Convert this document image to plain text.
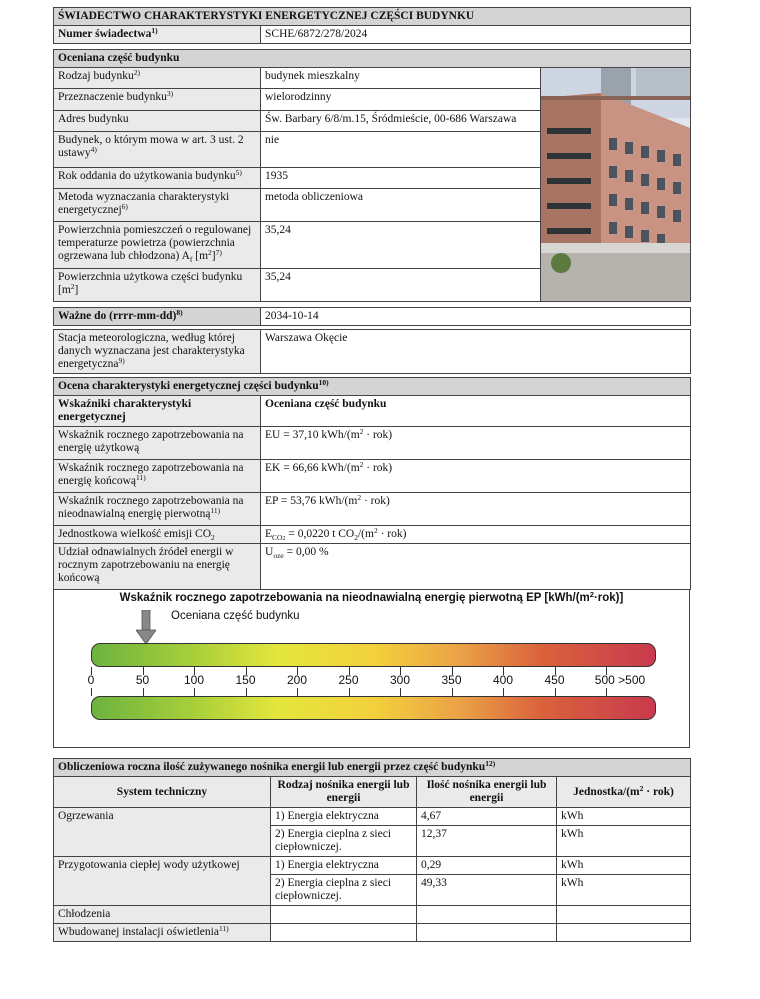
ŚWIADECTWO CHARAKTERYSTYKI ENERGETYCZNEJ CZĘŚCI BUDYNKU
Numer świadectwa$^{1)}$	SCHE/6872/278/2024
Oceniana część budynku		
Rodzaj budynku$^{2)}$	budynek mieszkalny	

Przeznaczenie budynku$^{3)}$	wielorodzinny	
Adres budynku	Św. Barbary 6/8/m.15, Śródmieście, 00-686 Warszawa	
Budynek, o którym mowa w art. 3 ust. 2 ustawy$^{4)}$	nie	
Rok oddania do użytkowania budynku$^{5)}$	1935	
Metoda wyznaczania charakterystyki energetycznej$^{6)}$	metoda obliczeniowa	
Powierzchnia pomieszczeń o regulowanej temperaturze powietrza (powierzchnia ogrzewana lub chłodzona) $A_f$ $[m^2]^{7)}$	35,24	
Powierzchnia użytkowa części budynku $[m^2]$	35,24	
Ważne do (rrrr-mm-dd)$^{8)}$	2034-10-14
Stacja meteorologiczna, według której danych wyznaczana jest charakterystyka energetyczna$^{9)}$	Warszawa Okęcie
Ocena charakterystyki energetycznej części budynku$^{10)}$
Wskaźniki charakterystyki energetycznej	Oceniana część budynku
Wskaźnik rocznego zapotrzebowania na energię użytkową	EU = 37,10 kWh/$(m^2 \cdot rok)$
Wskaźnik rocznego zapotrzebowania na energię końcową$^{11)}$	EK = 66,66 kWh/$(m^2 \cdot rok)$
Wskaźnik rocznego zapotrzebowania na nieodnawialną energię pierwotną$^{11)}$	EP = 53,76 kWh/$(m^2 \cdot rok)$
Jednostkowa wielkość emisji $CO_2$	$E_{CO2} = 0,0220$ t $CO_2/(m^2 \cdot rok)$
Udział odnawialnych źródeł energii w rocznym zapotrzebowaniu na energię końcową	$U_{oze} = 0,00$ %
Wskaźnik rocznego zapotrzebowania na nieodnawialną energię pierwotną EP $[kWh/(m^2\cdot rok)]$
Oceniana część budynku
0	50	100	150	200	250	300	350	400	450	500 >500
Obliczeniowa roczna ilość zużywanego nośnika energii lub energii przez część budynku$^{12)}$
System techniczny	Rodzaj nośnika energii lub energii	Ilość nośnika energii lub energii	Jednostka/$(m^2 \cdot rok)$
Ogrzewania	1) Energia elektryczna	4,67	kWh
	2) Energia cieplna z sieci ciepłowniczej.	12,37	kWh
Przygotowania ciepłej wody użytkowej	1) Energia elektryczna	0,29	kWh
	2) Energia cieplna z sieci ciepłowniczej.	49,33	kWh
Chłodzenia			
Wbudowanej instalacji oświetlenia$^{11)}$			
